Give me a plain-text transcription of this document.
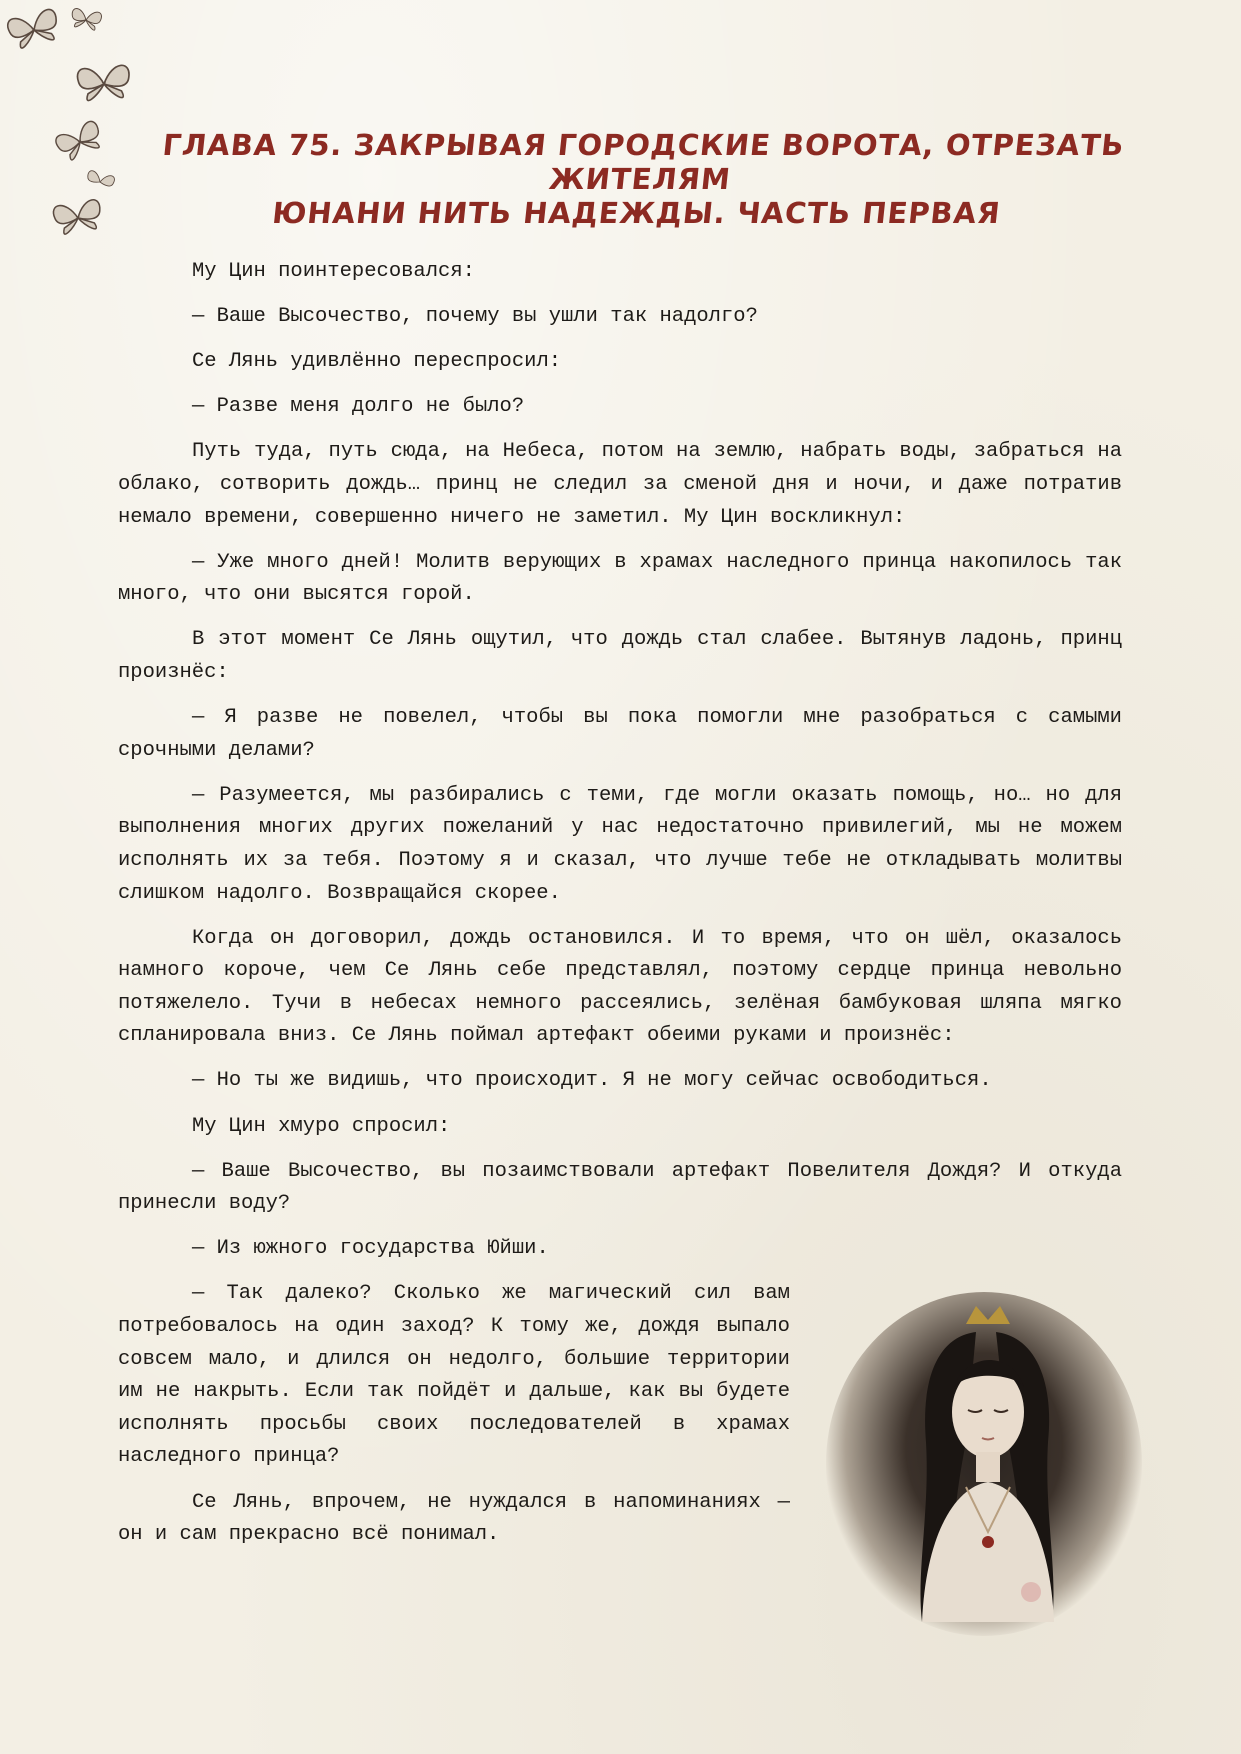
ГЛАВА 75. ЗАКРЫВАЯ ГОРОДСКИЕ ВОРОТА, ОТРЕЗАТЬ ЖИТЕЛЯМ
ЮНАНИ НИТЬ НАДЕЖДЫ. ЧАСТЬ ПЕРВАЯ

Му Цин поинтересовался:

— Ваше Высочество, почему вы ушли так надолго?

Се Лянь удивлённо переспросил:

— Разве меня долго не было?

Путь туда, путь сюда, на Небеса, потом на землю, набрать воды, забраться на облако, сотворить дождь… принц не следил за сменой дня и ночи, и даже потратив немало времени, совершенно ничего не заметил. Му Цин воскликнул:

— Уже много дней! Молитв верующих в храмах наследного принца накопилось так много, что они высятся горой.

В этот момент Се Лянь ощутил, что дождь стал слабее. Вытянув ладонь, принц произнёс:

— Я разве не повелел, чтобы вы пока помогли мне разобраться с самыми срочными делами?

— Разумеется, мы разбирались с теми, где могли оказать помощь, но… но для выполнения многих других пожеланий у нас недостаточно привилегий, мы не можем исполнять их за тебя. Поэтому я и сказал, что лучше тебе не откладывать молитвы слишком надолго. Возвращайся скорее.

Когда он договорил, дождь остановился. И то время, что он шёл, оказалось намного короче, чем Се Лянь себе представлял, поэтому сердце принца невольно потяжелело. Тучи в небесах немного рассеялись, зелёная бамбуковая шляпа мягко спланировала вниз. Се Лянь поймал артефакт обеими руками и произнёс:

— Но ты же видишь, что происходит. Я не могу сейчас освободиться.

Му Цин хмуро спросил:

— Ваше Высочество, вы позаимствовали артефакт Повелителя Дождя? И откуда принесли воду?

— Из южного государства Юйши.

— Так далеко? Сколько же магический сил вам потребовалось на один заход? К тому же, дождя выпало совсем мало, и длился он недолго, большие территории им не накрыть. Если так пойдёт и дальше, как вы будете исполнять просьбы своих последователей в храмах наследного принца?

Се Лянь, впрочем, не нуждался в напоминаниях — он и сам прекрасно всё понимал.
